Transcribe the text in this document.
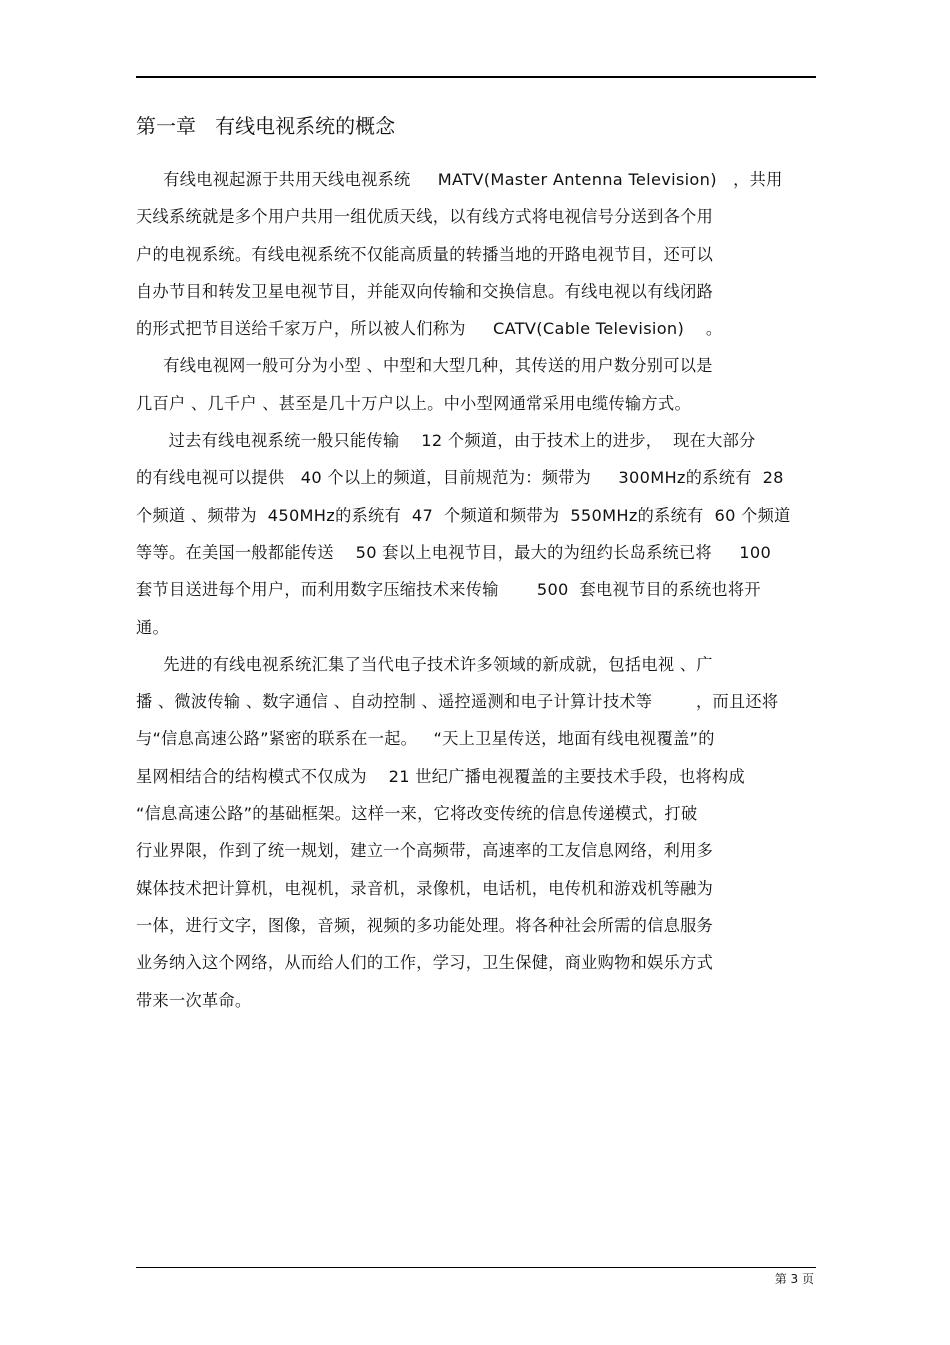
第一章   有线电视系统的概念
有线电视起源于共用天线电视系统     MATV(Master Antenna Television)   ，共用
天线系统就是多个用户共用一组优质天线，以有线方式将电视信号分送到各个用
户的电视系统。有线电视系统不仅能高质量的转播当地的开路电视节目，还可以
自办节目和转发卫星电视节目，并能双向传输和交换信息。有线电视以有线闭路
的形式把节目送给千家万户，所以被人们称为     CATV(Cable Television)    。
有线电视网一般可分为小型 、中型和大型几种，其传送的用户数分别可以是
几百户 、几千户 、甚至是几十万户以上。中小型网通常采用电缆传输方式。
过去有线电视系统一般只能传输    12 个频道，由于技术上的进步，  现在大部分
的有线电视可以提供   40 个以上的频道，目前规范为：频带为     300MHz的系统有  28
个频道 、频带为  450MHz的系统有  47  个频道和频带为  550MHz的系统有  60 个频道
等等。在美国一般都能传送    50 套以上电视节目，最大的为纽约长岛系统已将     100
套节目送进每个用户，而利用数字压缩技术来传输       500  套电视节目的系统也将开
通。
先进的有线电视系统汇集了当代电子技术许多领域的新成就，包括电视 、广
播 、微波传输 、数字通信 、自动控制 、遥控遥测和电子计算计技术等        ，而且还将
与“信息高速公路”紧密的联系在一起。   “天上卫星传送，地面有线电视覆盖”的
星网相结合的结构模式不仅成为    21 世纪广播电视覆盖的主要技术手段，也将构成
“信息高速公路”的基础框架。这样一来，它将改变传统的信息传递模式，打破
行业界限，作到了统一规划，建立一个高频带，高速率的工友信息网络，利用多
媒体技术把计算机，电视机，录音机，录像机，电话机，电传机和游戏机等融为
一体，进行文字，图像，音频，视频的多功能处理。将各种社会所需的信息服务
业务纳入这个网络，从而给人们的工作，学习，卫生保健，商业购物和娱乐方式
带来一次革命。
第 3 页
